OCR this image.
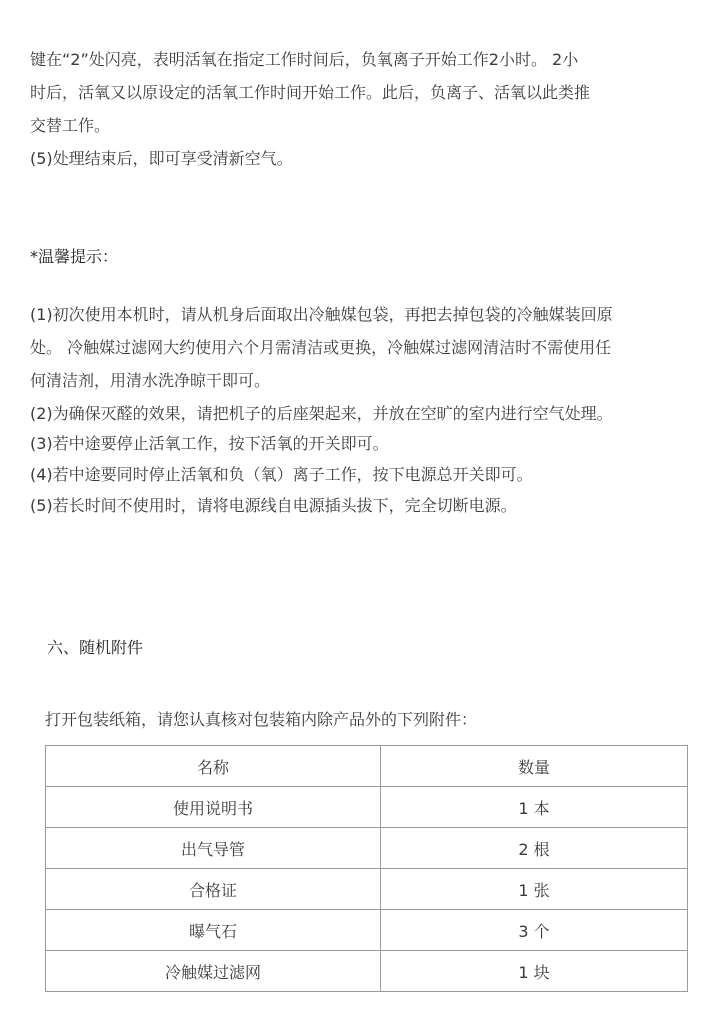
键在“2”处闪亮，表明活氧在指定工作时间后，负氧离子开始工作2小时。 2小
时后，活氧又以原设定的活氧工作时间开始工作。此后，负离子、活氧以此类推
交替工作。
(5)处理结束后，即可享受清新空气。
*温馨提示：
(1)初次使用本机时，请从机身后面取出冷触媒包袋，再把去掉包袋的冷触媒装回原
处。 冷触媒过滤网大约使用六个月需清洁或更换，冷触媒过滤网清洁时不需使用任
何清洁剂，用清水洗净晾干即可。
(2)为确保灭醛的效果，请把机子的后座架起来，并放在空旷的室内进行空气处理。
(3)若中途要停止活氧工作，按下活氧的开关即可。
(4)若中途要同时停止活氧和负（氧）离子工作，按下电源总开关即可。
(5)若长时间不使用时，请将电源线自电源插头拔下，完全切断电源。
六、随机附件
打开包装纸箱，请您认真核对包装箱内除产品外的下列附件：
名称	数量
使用说明书	1 本
出气导管	2 根
合格证	1 张
曝气石	3 个
冷触媒过滤网	1 块
